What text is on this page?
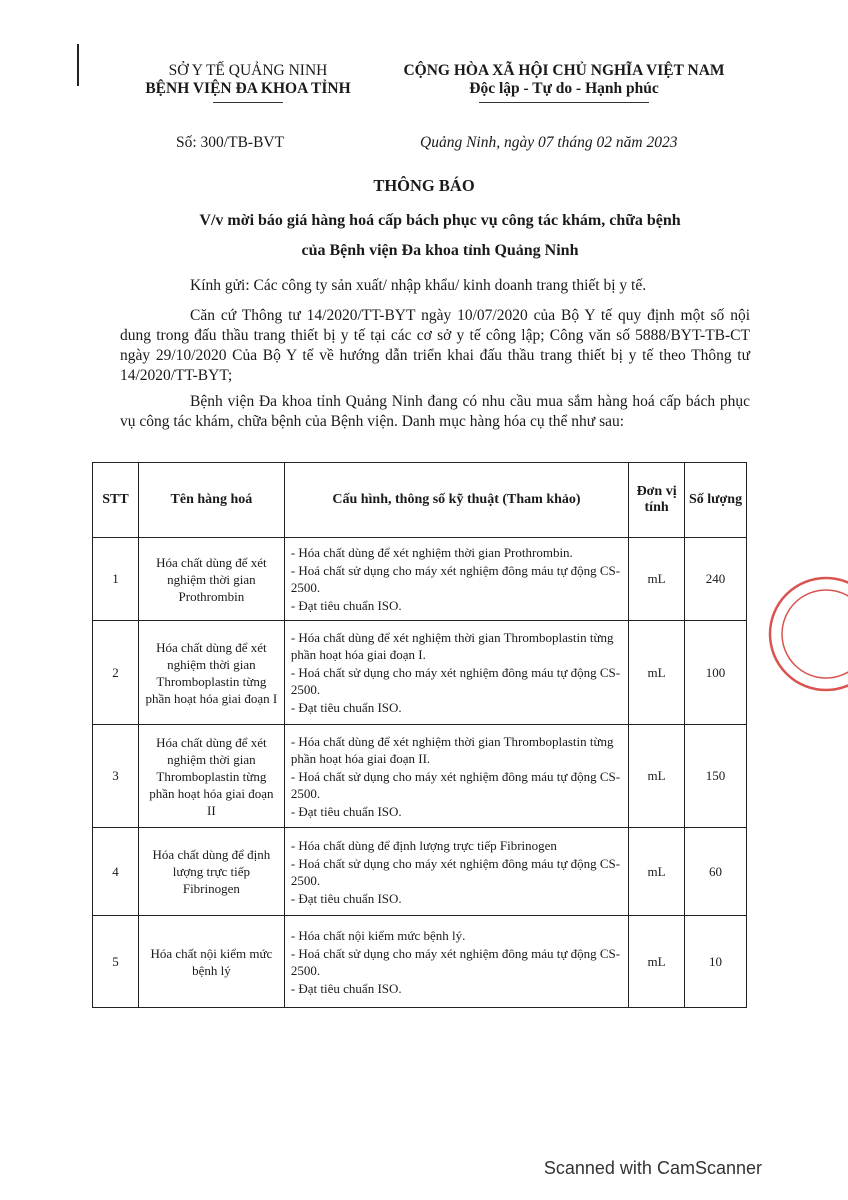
SỞ Y TẾ QUẢNG NINH
BỆNH VIỆN ĐA KHOA TỈNH
CỘNG HÒA XÃ HỘI CHỦ NGHĨA VIỆT NAM
Độc lập - Tự do - Hạnh phúc
Số: 300/TB-BVT	Quảng Ninh, ngày 07 tháng 02 năm 2023
THÔNG BÁO
V/v mời báo giá hàng hoá cấp bách phục vụ công tác khám, chữa bệnh
của Bệnh viện Đa khoa tỉnh Quảng Ninh
Kính gửi: Các công ty sản xuất/ nhập khẩu/ kinh doanh trang thiết bị y tế.
Căn cứ Thông tư 14/2020/TT-BYT ngày 10/07/2020 của Bộ Y tế quy định một số nội dung trong đấu thầu trang thiết bị y tế tại các cơ sở y tế công lập; Công văn số 5888/BYT-TB-CT ngày 29/10/2020 Của Bộ Y tế về hướng dẫn triển khai đấu thầu trang thiết bị y tế theo Thông tư 14/2020/TT-BYT;
Bệnh viện Đa khoa tỉnh Quảng Ninh đang có nhu cầu mua sắm hàng hoá cấp bách phục vụ công tác khám, chữa bệnh của Bệnh viện. Danh mục hàng hóa cụ thể như sau:
STT	Tên hàng hoá	Cấu hình, thông số kỹ thuật (Tham khảo)	Đơn vị tính	Số lượng
1	Hóa chất dùng để xét nghiệm thời gian Prothrombin	- Hóa chất dùng để xét nghiệm thời gian Prothrombin.
- Hoá chất sử dụng cho máy xét nghiệm đông máu tự động CS-2500.
- Đạt tiêu chuẩn ISO.	mL	240
2	Hóa chất dùng để xét nghiệm thời gian Thromboplastin từng phần hoạt hóa giai đoạn I	- Hóa chất dùng để xét nghiệm thời gian Thromboplastin từng phần hoạt hóa giai đoạn I.
- Hoá chất sử dụng cho máy xét nghiệm đông máu tự động CS-2500.
- Đạt tiêu chuẩn ISO.	mL	100
3	Hóa chất dùng để xét nghiệm thời gian Thromboplastin từng phần hoạt hóa giai đoạn II	- Hóa chất dùng để xét nghiệm thời gian Thromboplastin từng phần hoạt hóa giai đoạn II.
- Hoá chất sử dụng cho máy xét nghiệm đông máu tự động CS-2500.
- Đạt tiêu chuẩn ISO.	mL	150
4	Hóa chất dùng để định lượng trực tiếp Fibrinogen	- Hóa chất dùng để định lượng trực tiếp Fibrinogen
- Hoá chất sử dụng cho máy xét nghiệm đông máu tự động CS-2500.
- Đạt tiêu chuẩn ISO.	mL	60
5	Hóa chất nội kiểm mức bệnh lý	- Hóa chất nội kiểm mức bệnh lý.
- Hoá chất sử dụng cho máy xét nghiệm đông máu tự động CS-2500.
- Đạt tiêu chuẩn ISO.	mL	10
Scanned with CamScanner
